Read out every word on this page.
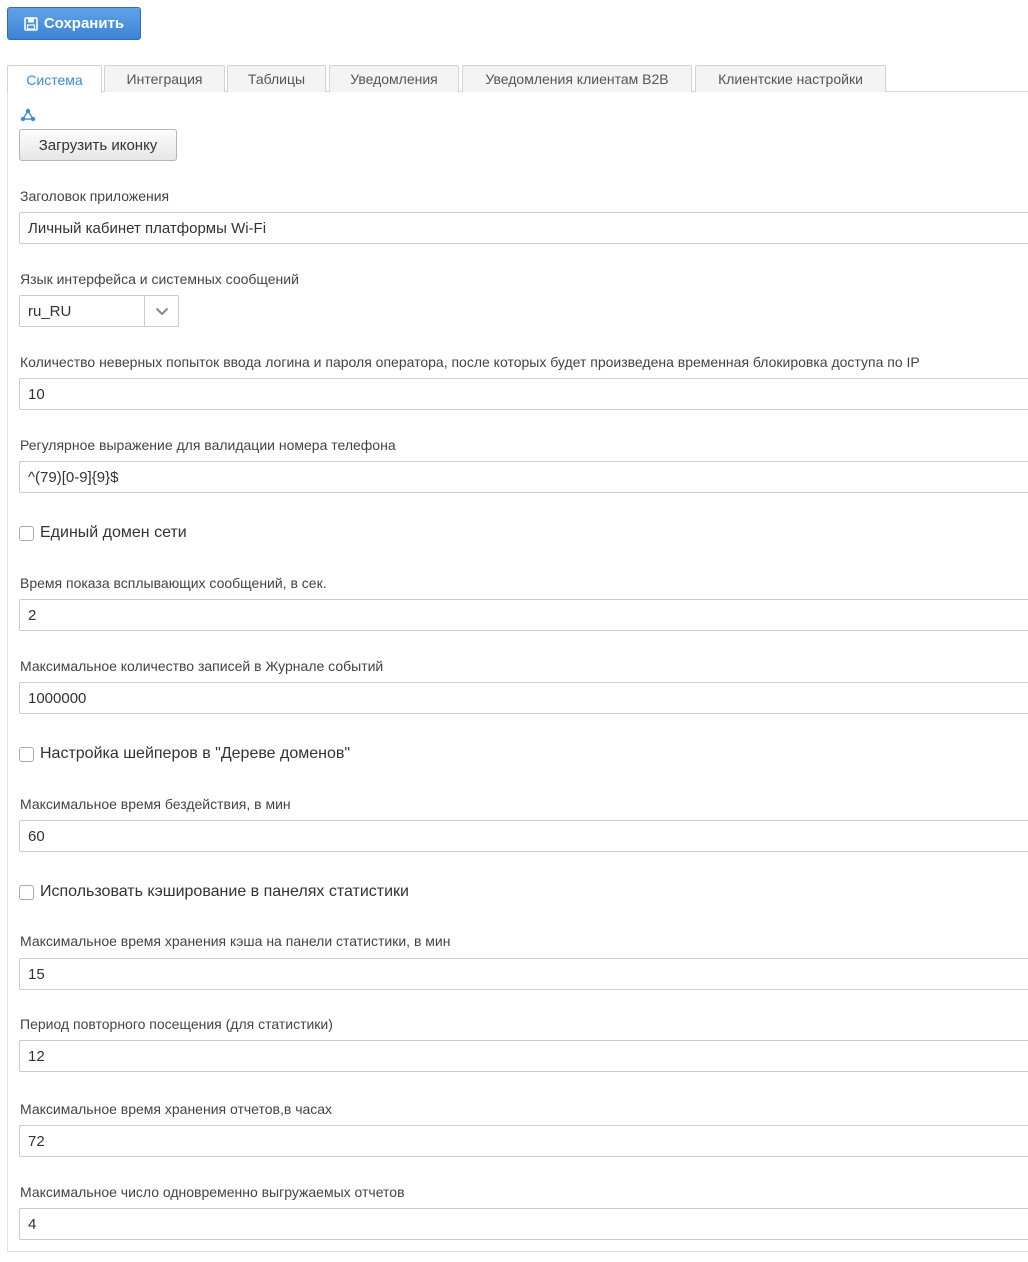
Сохранить
Система	Интеграция	Таблицы	Уведомления	Уведомления клиентам B2B	Клиентские настройки
Загрузить иконку
Заголовок приложения
Личный кабинет платформы Wi-Fi
Язык интерфейса и системных сообщений
ru_RU
Количество неверных попыток ввода логина и пароля оператора, после которых будет произведена временная блокировка доступа по IP
10
Регулярное выражение для валидации номера телефона
^(79)[0-9]{9}$
Единый домен сети
Время показа всплывающих сообщений, в сек.
2
Максимальное количество записей в Журнале событий
1000000
Настройка шейперов в "Дереве доменов"
Максимальное время бездействия, в мин
60
Использовать кэширование в панелях статистики
Максимальное время хранения кэша на панели статистики, в мин
15
Период повторного посещения (для статистики)
12
Максимальное время хранения отчетов,в часах
72
Максимальное число одновременно выгружаемых отчетов
4
